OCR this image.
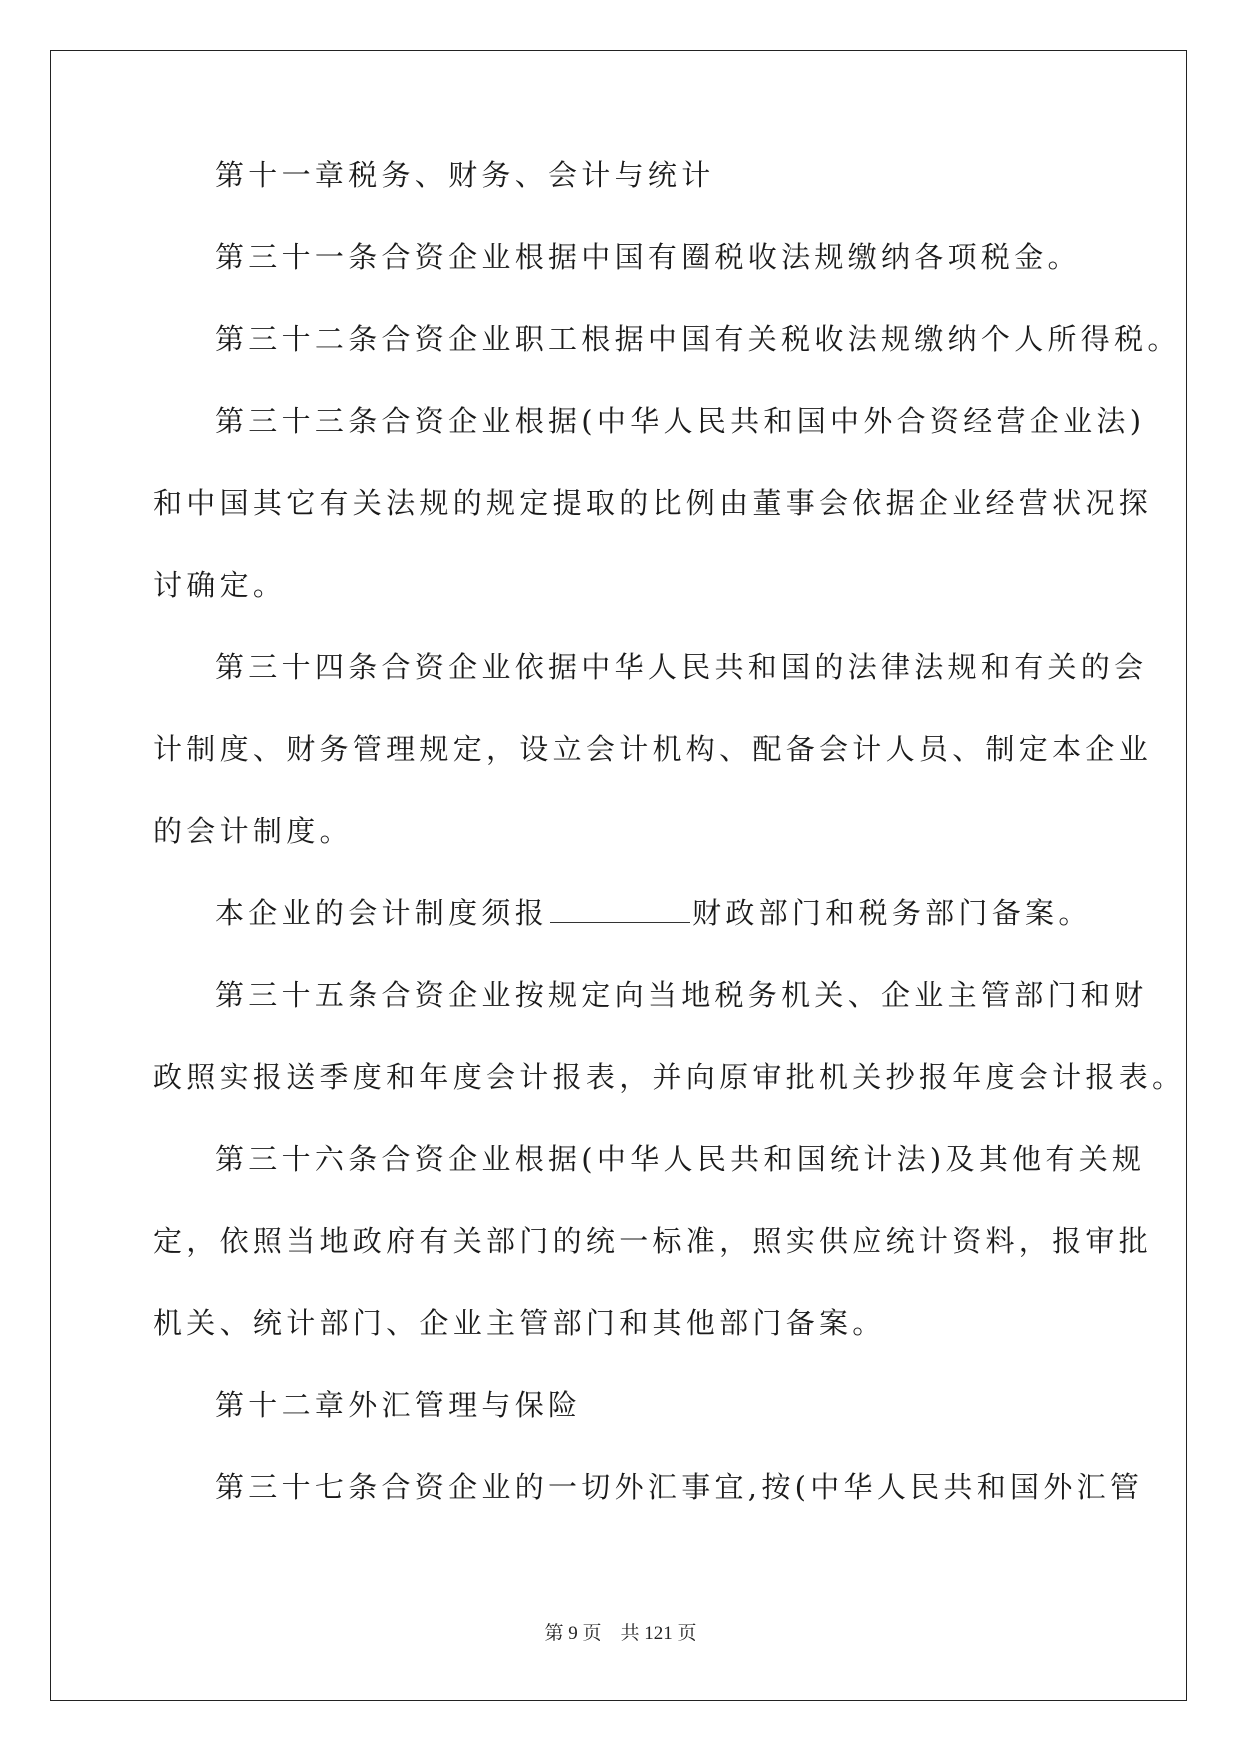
第十一章税务、财务、会计与统计
第三十一条合资企业根据中国有圈税收法规缴纳各项税金。
第三十二条合资企业职工根据中国有关税收法规缴纳个人所得税。
第三十三条合资企业根据(中华人民共和国中外合资经营企业法)
和中国其它有关法规的规定提取的比例由董事会依据企业经营状况探
讨确定。
第三十四条合资企业依据中华人民共和国的法律法规和有关的会
计制度、财务管理规定，设立会计机构、配备会计人员、制定本企业
的会计制度。
本企业的会计制度须报	财政部门和税务部门备案。
第三十五条合资企业按规定向当地税务机关、企业主管部门和财
政照实报送季度和年度会计报表，并向原审批机关抄报年度会计报表。
第三十六条合资企业根据(中华人民共和国统计法)及其他有关规
定，依照当地政府有关部门的统一标准，照实供应统计资料，报审批
机关、统计部门、企业主管部门和其他部门备案。
第十二章外汇管理与保险
第三十七条合资企业的一切外汇事宜,按(中华人民共和国外汇管
第 9 页 共 121 页
